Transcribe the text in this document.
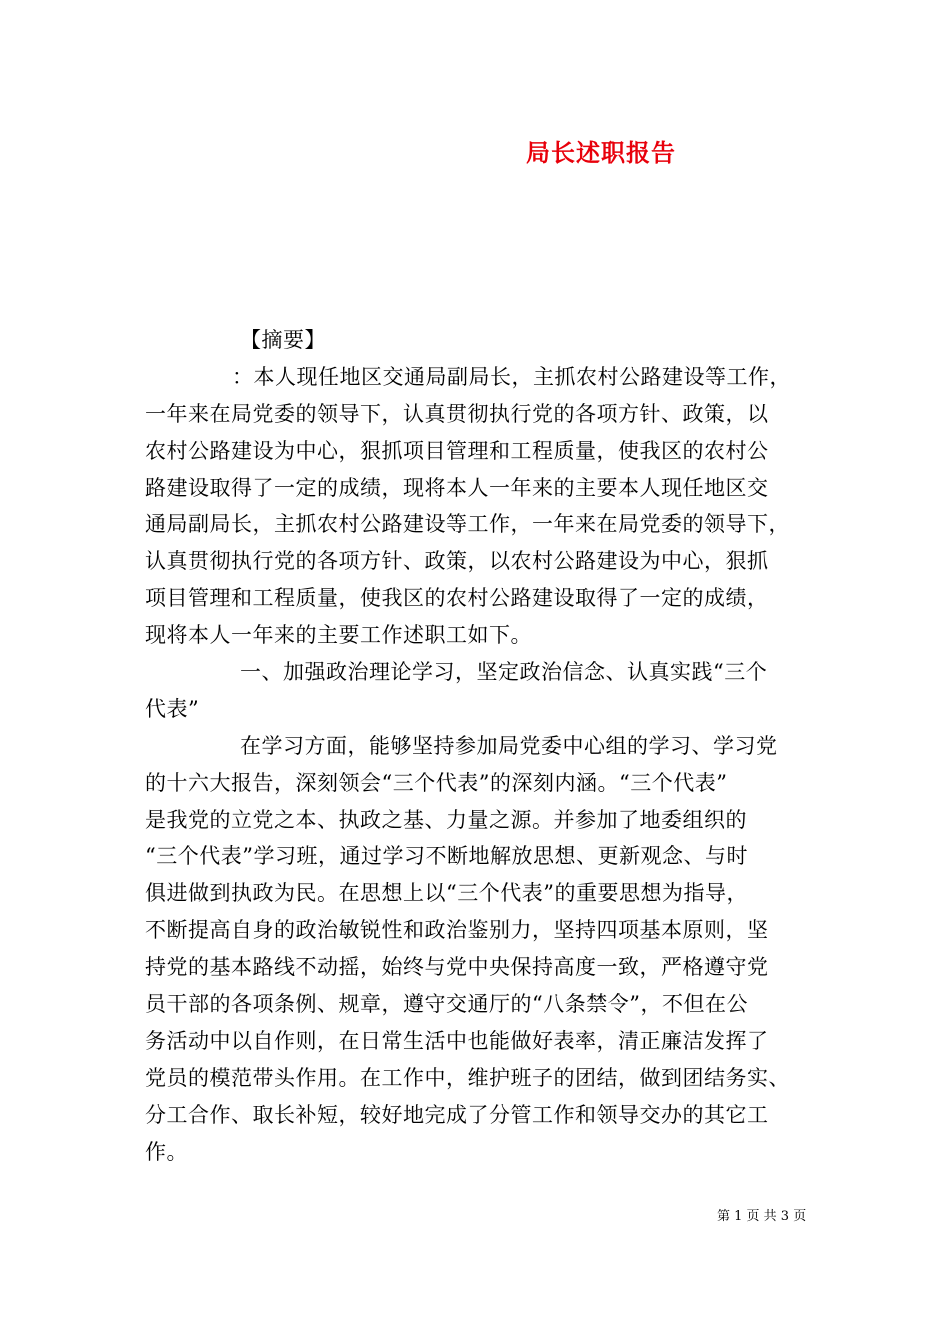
局长述职报告
【摘要】
：本人现任地区交通局副局长，主抓农村公路建设等工作，
一年来在局党委的领导下，认真贯彻执行党的各项方针、政策，以
农村公路建设为中心，狠抓项目管理和工程质量，使我区的农村公
路建设取得了一定的成绩，现将本人一年来的主要本人现任地区交
通局副局长，主抓农村公路建设等工作，一年来在局党委的领导下，
认真贯彻执行党的各项方针、政策，以农村公路建设为中心，狠抓
项目管理和工程质量，使我区的农村公路建设取得了一定的成绩，
现将本人一年来的主要工作述职工如下。
一、加强政治理论学习，坚定政治信念、认真实践“三个
代表”
在学习方面，能够坚持参加局党委中心组的学习、学习党
的十六大报告，深刻领会“三个代表”的深刻内涵。“三个代表”
是我党的立党之本、执政之基、力量之源。并参加了地委组织的
“三个代表”学习班，通过学习不断地解放思想、更新观念、与时
俱进做到执政为民。在思想上以“三个代表”的重要思想为指导，
不断提高自身的政治敏锐性和政治鉴别力，坚持四项基本原则，坚
持党的基本路线不动摇，始终与党中央保持高度一致，严格遵守党
员干部的各项条例、规章，遵守交通厅的“八条禁令”，不但在公
务活动中以自作则，在日常生活中也能做好表率，清正廉洁发挥了
党员的模范带头作用。在工作中，维护班子的团结，做到团结务实、
分工合作、取长补短，较好地完成了分管工作和领导交办的其它工
作。
第 1 页 共 3 页
